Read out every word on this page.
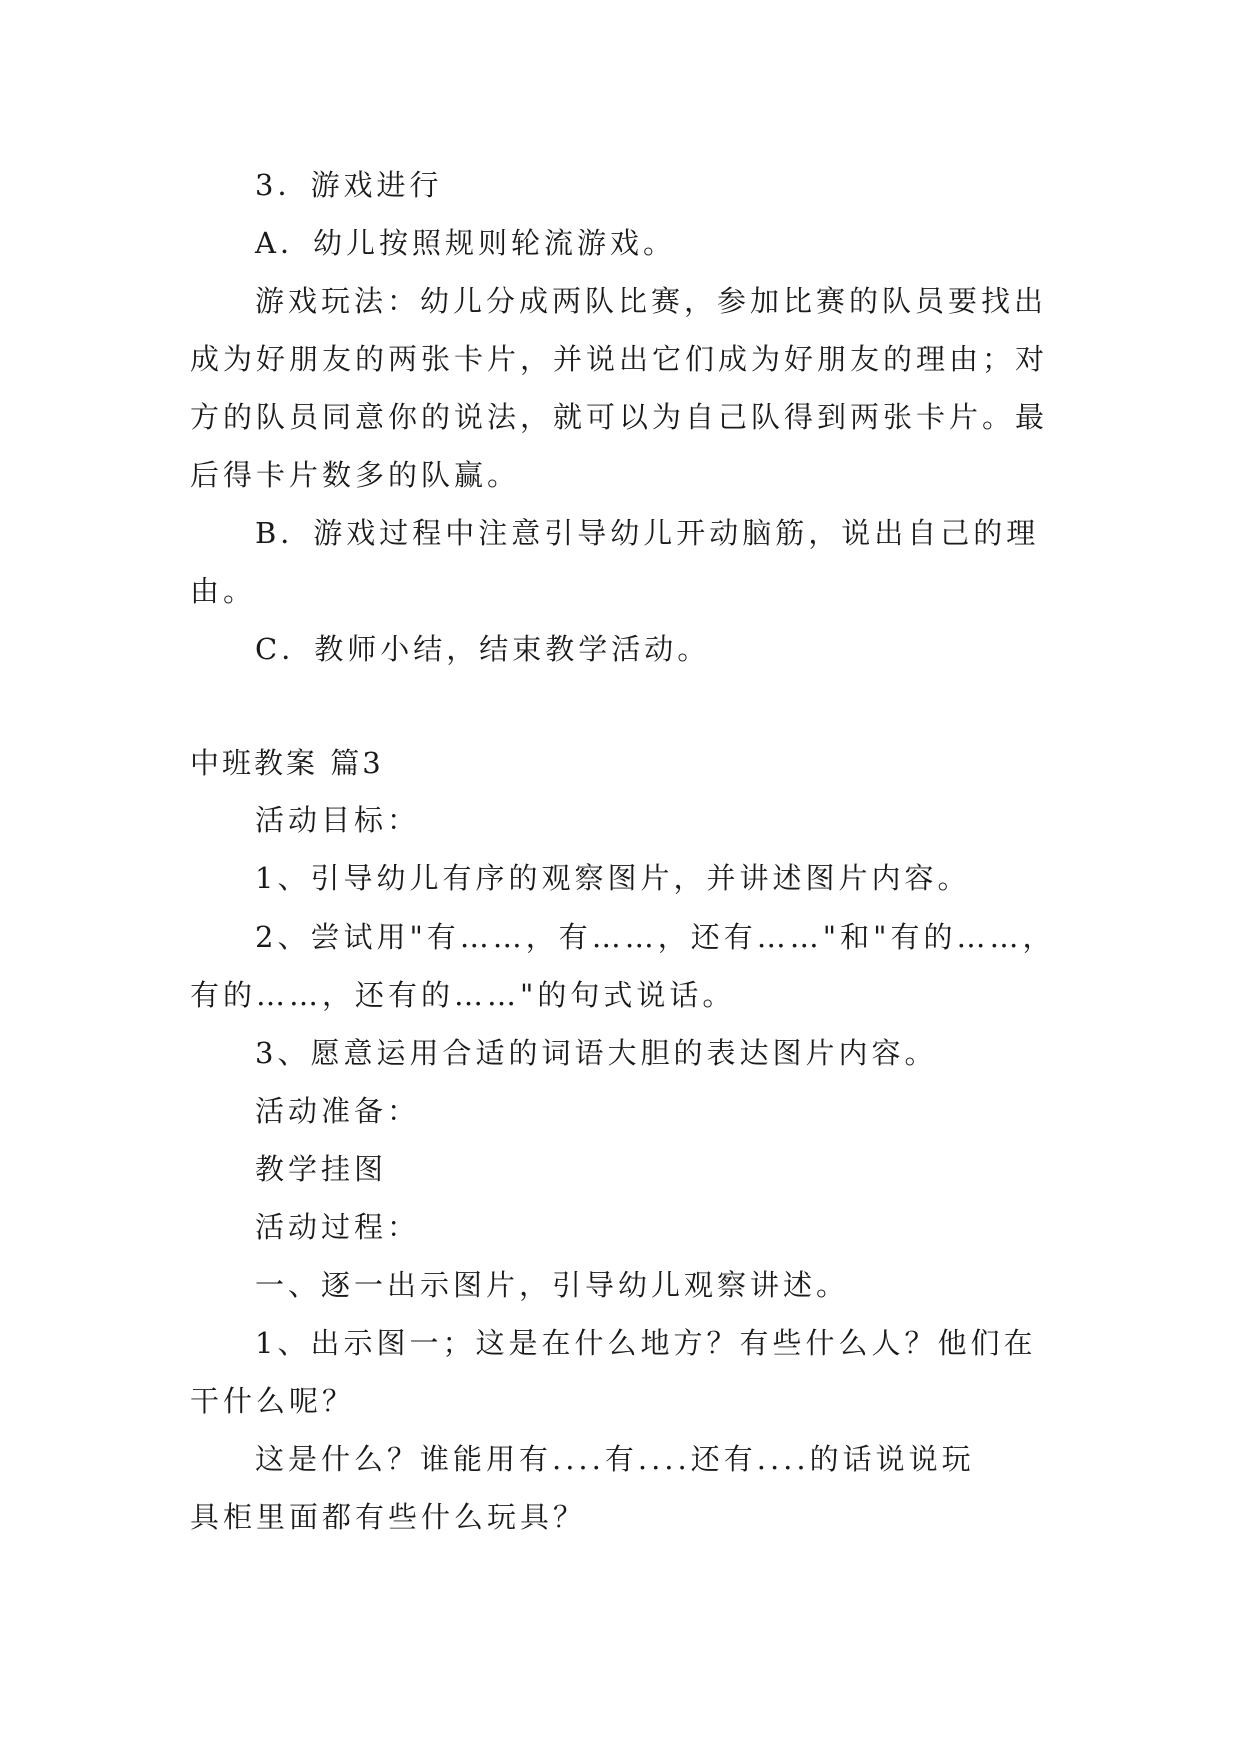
3．游戏进行
A．幼儿按照规则轮流游戏。
游戏玩法：幼儿分成两队比赛，参加比赛的队员要找出
成为好朋友的两张卡片，并说出它们成为好朋友的理由；对
方的队员同意你的说法，就可以为自己队得到两张卡片。最
后得卡片数多的队赢。
B．游戏过程中注意引导幼儿开动脑筋，说出自己的理
由。
C．教师小结，结束教学活动。
中班教案 篇3
活动目标：
1、引导幼儿有序的观察图片，并讲述图片内容。
2、尝试用"有……，有……，还有……"和"有的……，
有的……，还有的……"的句式说话。
3、愿意运用合适的词语大胆的表达图片内容。
活动准备：
教学挂图
活动过程：
一、逐一出示图片，引导幼儿观察讲述。
1、出示图一；这是在什么地方？有些什么人？他们在
干什么呢？
这是什么？谁能用有....有....还有....的话说说玩
具柜里面都有些什么玩具？
